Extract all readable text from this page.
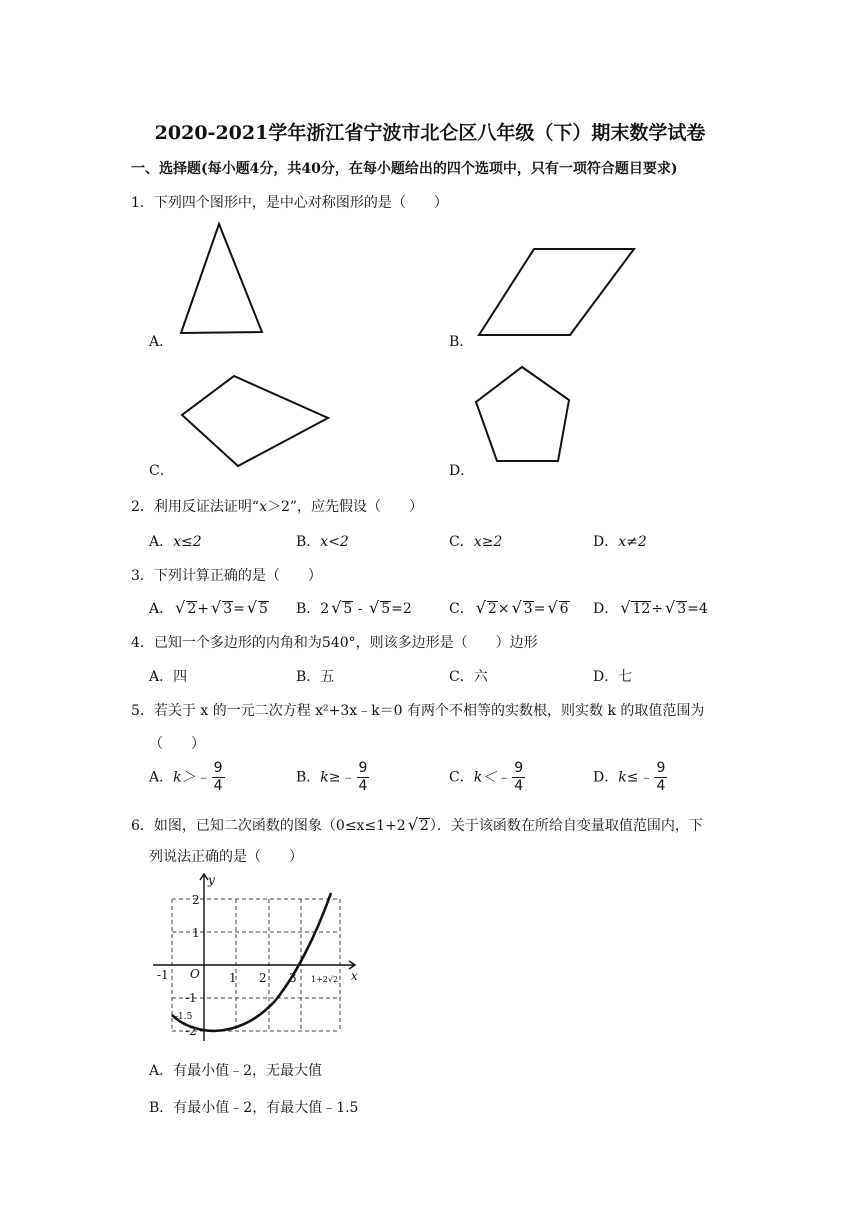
2020-2021学年浙江省宁波市北仑区八年级（下）期末数学试卷
一、选择题(每小题4分，共40分，在每小题给出的四个选项中，只有一项符合题目要求)
1．下列四个图形中，是中心对称图形的是（　　）
A．	B．
C．	D．
2．利用反证法证明“x＞2”，应先假设（　　）
A．x≤2	B．x<2	C．x≥2	D．x≠2
3．下列计算正确的是（　　）
A． √ 2+ √ 3= √ 5 B．2 √ 5 - √ 5=2	C． √ 2× √ 3= √ 6 D． √ 12÷ √ 3=4
4．已知一个多边形的内角和为540°，则该多边形是（　　）边形
A．四	B．五	C．六	D．七
5．若关于 x 的一元二次方程 x²+3x﹣k＝0 有两个不相等的实数根，则实数 k 的取值范围为
（　　）
A．k＞﹣ $\frac{9}{4}$	B．k≥﹣ $\frac{9}{4}$	C．k＜﹣ $\frac{9}{4}$	D．k≤﹣ $\frac{9}{4}$
6．如图，已知二次函数的图象（0≤x≤1+2 √ 2）．关于该函数在所给自变量取值范围内，下
列说法正确的是（　　）
y
x
O
-1	1 2 3 1+2√2
2
1
-1
-1.5
-2
A．有最小值﹣2，无最大值
B．有最小值﹣2，有最大值﹣1.5
